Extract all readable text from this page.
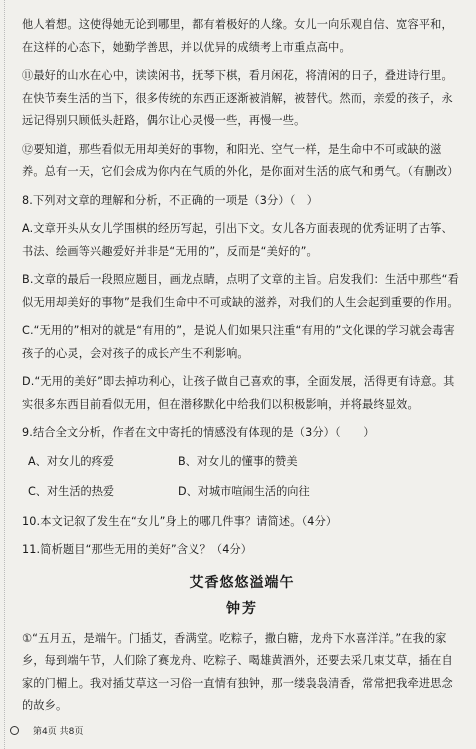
他人着想。这使得她无论到哪里，都有着极好的人缘。女儿一向乐观自信、宽容平和，在这样的心态下，她勤学善思，并以优异的成绩考上市重点高中。

⑪最好的山水在心中，读读闲书，抚琴下棋，看月闲花，将清闲的日子，叠进诗行里。在快节奏生活的当下，很多传统的东西正逐渐被消解，被替代。然而，亲爱的孩子，永远记得别只顾低头赶路，偶尔让心灵慢一些，再慢一些。

⑫要知道，那些看似无用却美好的事物，和阳光、空气一样，是生命中不可或缺的滋养。总有一天，它们会成为你内在气质的外化，是你面对生活的底气和勇气。（有删改）

8.下列对文章的理解和分析，不正确的一项是（3分）（　）

A.文章开头从女儿学围棋的经历写起，引出下文。女儿各方面表现的优秀证明了古筝、书法、绘画等兴趣爱好并非是“无用的”，反而是“美好的”。

B.文章的最后一段照应题目，画龙点睛，点明了文章的主旨。启发我们：生活中那些“看似无用却美好的事物”是我们生命中不可或缺的滋养，对我们的人生会起到重要的作用。

C.“无用的”相对的就是“有用的”，是说人们如果只注重“有用的”文化课的学习就会毒害孩子的心灵，会对孩子的成长产生不利影响。

D.“无用的美好”即去掉功利心，让孩子做自己喜欢的事，全面发展，活得更有诗意。其实很多东西目前看似无用，但在潜移默化中给我们以积极影响，并将最终显效。

9.结合全文分析，作者在文中寄托的情感没有体现的是（3分）（　　）

A、对女儿的疼爱	B、对女儿的懂事的赞美
C、对生活的热爱	D、对城市喧闹生活的向往

10.本文记叙了发生在“女儿”身上的哪几件事？请简述。（4分）

11.简析题目“那些无用的美好”含义？（4分）

艾香悠悠溢端午
钟芳

①“五月五，是端午。门插艾，香满堂。吃粽子，撒白糖，龙舟下水喜洋洋。”在我的家乡，每到端午节，人们除了赛龙舟、吃粽子、喝雄黄酒外，还要去采几束艾草，插在自家的门楣上。我对插艾草这一习俗一直情有独钟，那一缕袅袅清香，常常把我牵进思念的故乡。

第4页 共8页
